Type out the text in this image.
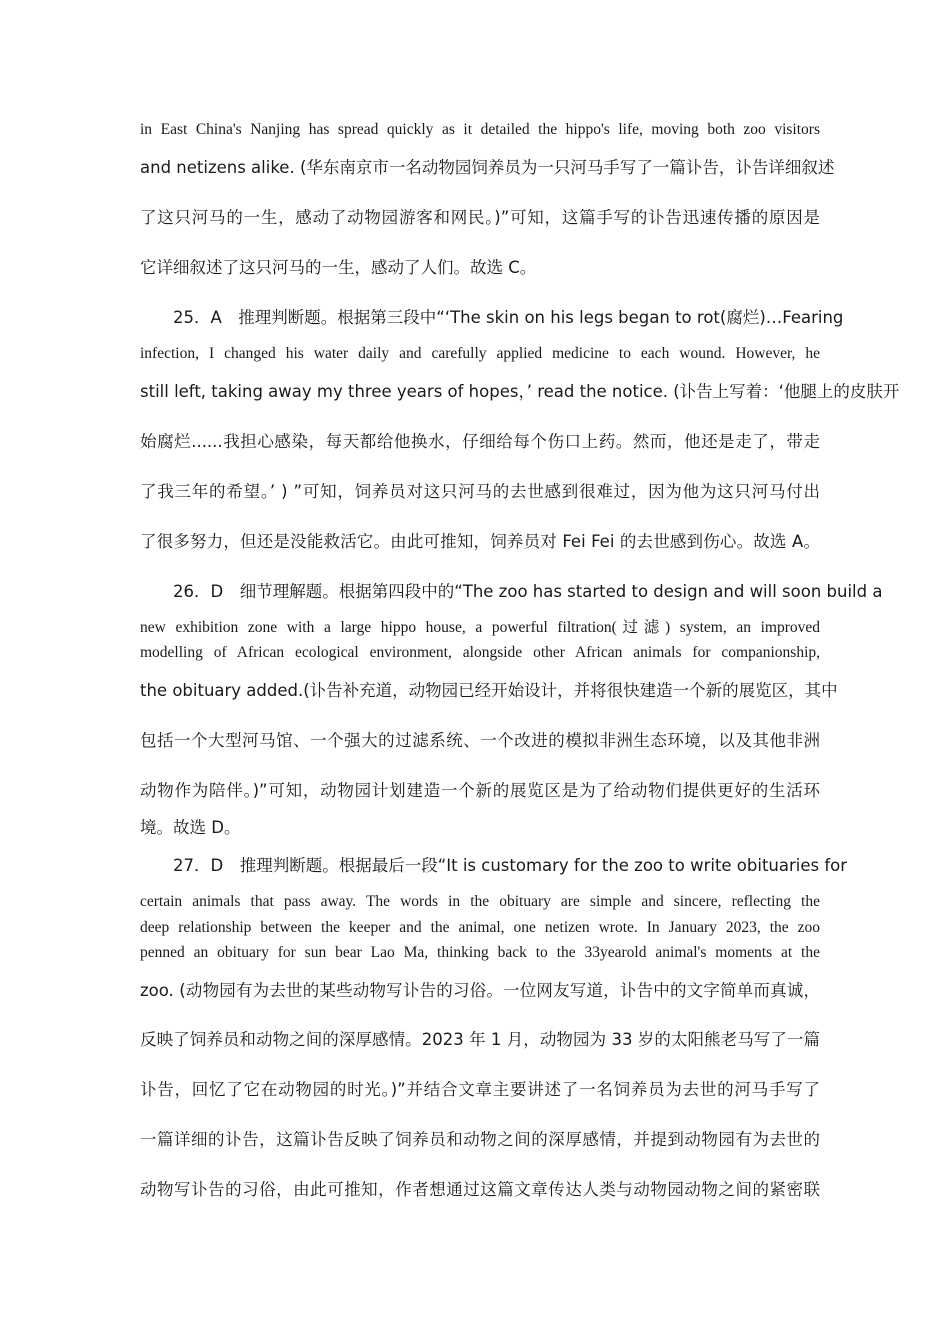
in East China's Nanjing has spread quickly as it detailed the hippo's life, moving both zoo visitors
and netizens alike. (华东南京市一名动物园饲养员为一只河马手写了一篇讣告，讣告详细叙述
了这只河马的一生，感动了动物园游客和网民。)”可知，这篇手写的讣告迅速传播的原因是
它详细叙述了这只河马的一生，感动了人们。故选 C。
25．A　推理判断题。根据第三段中“‘The skin on his legs began to rot(腐烂)…Fearing
infection, I changed his water daily and carefully applied medicine to each wound. However, he
still left, taking away my three years of hopes，’ read the notice. (讣告上写着：‘他腿上的皮肤开
始腐烂......我担心感染，每天都给他换水，仔细给每个伤口上药。然而，他还是走了，带走
了我三年的希望。’ ) ”可知，饲养员对这只河马的去世感到很难过，因为他为这只河马付出
了很多努力，但还是没能救活它。由此可推知，饲养员对 Fei Fei 的去世感到伤心。故选 A。
26．D　细节理解题。根据第四段中的“The zoo has started to design and will soon build a
new exhibition zone with a large hippo house, a powerful filtration(过滤) system, an improved
modelling of African ecological environment, alongside other African animals for companionship,
the obituary added.(讣告补充道，动物园已经开始设计，并将很快建造一个新的展览区，其中
包括一个大型河马馆、一个强大的过滤系统、一个改进的模拟非洲生态环境，以及其他非洲
动物作为陪伴。)”可知，动物园计划建造一个新的展览区是为了给动物们提供更好的生活环
境。故选 D。
27．D　推理判断题。根据最后一段“It is customary for the zoo to write obituaries for
certain animals that pass away. The words in the obituary are simple and sincere, reflecting the
deep relationship between the keeper and the animal, one netizen wrote. In January 2023, the zoo
penned an obituary for sun bear Lao Ma, thinking back to the 33yearold animal's moments at the
zoo. (动物园有为去世的某些动物写讣告的习俗。一位网友写道，讣告中的文字简单而真诚，
反映了饲养员和动物之间的深厚感情。2023 年 1 月，动物园为 33 岁的太阳熊老马写了一篇
讣告，回忆了它在动物园的时光。)”并结合文章主要讲述了一名饲养员为去世的河马手写了
一篇详细的讣告，这篇讣告反映了饲养员和动物之间的深厚感情，并提到动物园有为去世的
动物写讣告的习俗，由此可推知，作者想通过这篇文章传达人类与动物园动物之间的紧密联
